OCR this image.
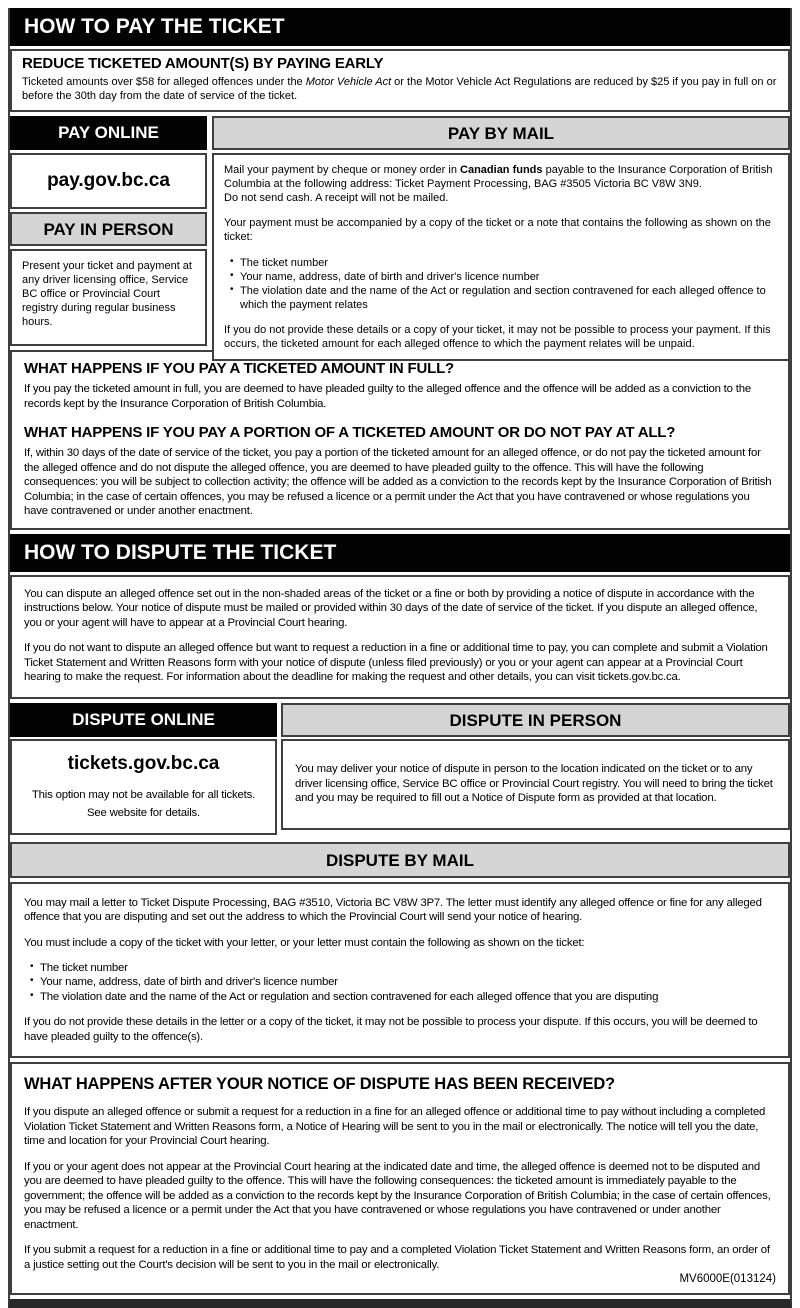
HOW TO PAY THE TICKET
REDUCE TICKETED AMOUNT(S) BY PAYING EARLY
Ticketed amounts over $58 for alleged offences under the Motor Vehicle Act or the Motor Vehicle Act Regulations are reduced by $25 if you pay in full on or before the 30th day from the date of service of the ticket.
PAY ONLINE
pay.gov.bc.ca
PAY IN PERSON
Present your ticket and payment at any driver licensing office, Service BC office or Provincial Court registry during regular business hours.
PAY BY MAIL

Mail your payment by cheque or money order in Canadian funds payable to the Insurance Corporation of British Columbia at the following address: Ticket Payment Processing, BAG #3505 Victoria BC V8W 3N9.
Do not send cash. A receipt will not be mailed.

Your payment must be accompanied by a copy of the ticket or a note that contains the following as shown on the ticket:

• The ticket number
• Your name, address, date of birth and driver's licence number
• The violation date and the name of the Act or regulation and section contravened for each alleged offence to which the payment relates

If you do not provide these details or a copy of your ticket, it may not be possible to process your payment. If this occurs, the ticketed amount for each alleged offence to which the payment relates will be unpaid.

WHAT HAPPENS IF YOU PAY A TICKETED AMOUNT IN FULL?

If you pay the ticketed amount in full, you are deemed to have pleaded guilty to the alleged offence and the offence will be added as a conviction to the records kept by the Insurance Corporation of British Columbia.

WHAT HAPPENS IF YOU PAY A PORTION OF A TICKETED AMOUNT OR DO NOT PAY AT ALL?

If, within 30 days of the date of service of the ticket, you pay a portion of the ticketed amount for an alleged offence, or do not pay the ticketed amount for the alleged offence and do not dispute the alleged offence, you are deemed to have pleaded guilty to the offence. This will have the following consequences: you will be subject to collection activity; the offence will be added as a conviction to the records kept by the Insurance Corporation of British Columbia; in the case of certain offences, you may be refused a licence or a permit under the Act that you have contravened or whose regulations you have contravened or under another enactment.

HOW TO DISPUTE THE TICKET

You can dispute an alleged offence set out in the non-shaded areas of the ticket or a fine or both by providing a notice of dispute in accordance with the instructions below. Your notice of dispute must be mailed or provided within 30 days of the date of service of the ticket. If you dispute an alleged offence, you or your agent will have to appear at a Provincial Court hearing.

If you do not want to dispute an alleged offence but want to request a reduction in a fine or additional time to pay, you can complete and submit a Violation Ticket Statement and Written Reasons form with your notice of dispute (unless filed previously) or you or your agent can appear at a Provincial Court hearing to make the request. For information about the deadline for making the request and other details, you can visit tickets.gov.bc.ca.

DISPUTE ONLINE
tickets.gov.bc.ca
This option may not be available for all tickets. See website for details.
DISPUTE IN PERSON
You may deliver your notice of dispute in person to the location indicated on the ticket or to any driver licensing office, Service BC office or Provincial Court registry. You will need to bring the ticket and you may be required to fill out a Notice of Dispute form as provided at that location.
DISPUTE BY MAIL

You may mail a letter to Ticket Dispute Processing, BAG #3510, Victoria BC V8W 3P7. The letter must identify any alleged offence or fine for any alleged offence that you are disputing and set out the address to which the Provincial Court will send your notice of hearing.

You must include a copy of the ticket with your letter, or your letter must contain the following as shown on the ticket:

• The ticket number
• Your name, address, date of birth and driver's licence number
• The violation date and the name of the Act or regulation and section contravened for each alleged offence that you are disputing

If you do not provide these details in the letter or a copy of the ticket, it may not be possible to process your dispute. If this occurs, you will be deemed to have pleaded guilty to the offence(s).

WHAT HAPPENS AFTER YOUR NOTICE OF DISPUTE HAS BEEN RECEIVED?

If you dispute an alleged offence or submit a request for a reduction in a fine for an alleged offence or additional time to pay without including a completed Violation Ticket Statement and Written Reasons form, a Notice of Hearing will be sent to you in the mail or electronically. The notice will tell you the date, time and location for your Provincial Court hearing.

If you or your agent does not appear at the Provincial Court hearing at the indicated date and time, the alleged offence is deemed not to be disputed and you are deemed to have pleaded guilty to the offence. This will have the following consequences: the ticketed amount is immediately payable to the government; the offence will be added as a conviction to the records kept by the Insurance Corporation of British Columbia; in the case of certain offences, you may be refused a licence or a permit under the Act that you have contravened or whose regulations you have contravened or under another enactment.

If you submit a request for a reduction in a fine or additional time to pay and a completed Violation Ticket Statement and Written Reasons form, an order of a justice setting out the Court's decision will be sent to you in the mail or electronically.

MV6000E(013124)
